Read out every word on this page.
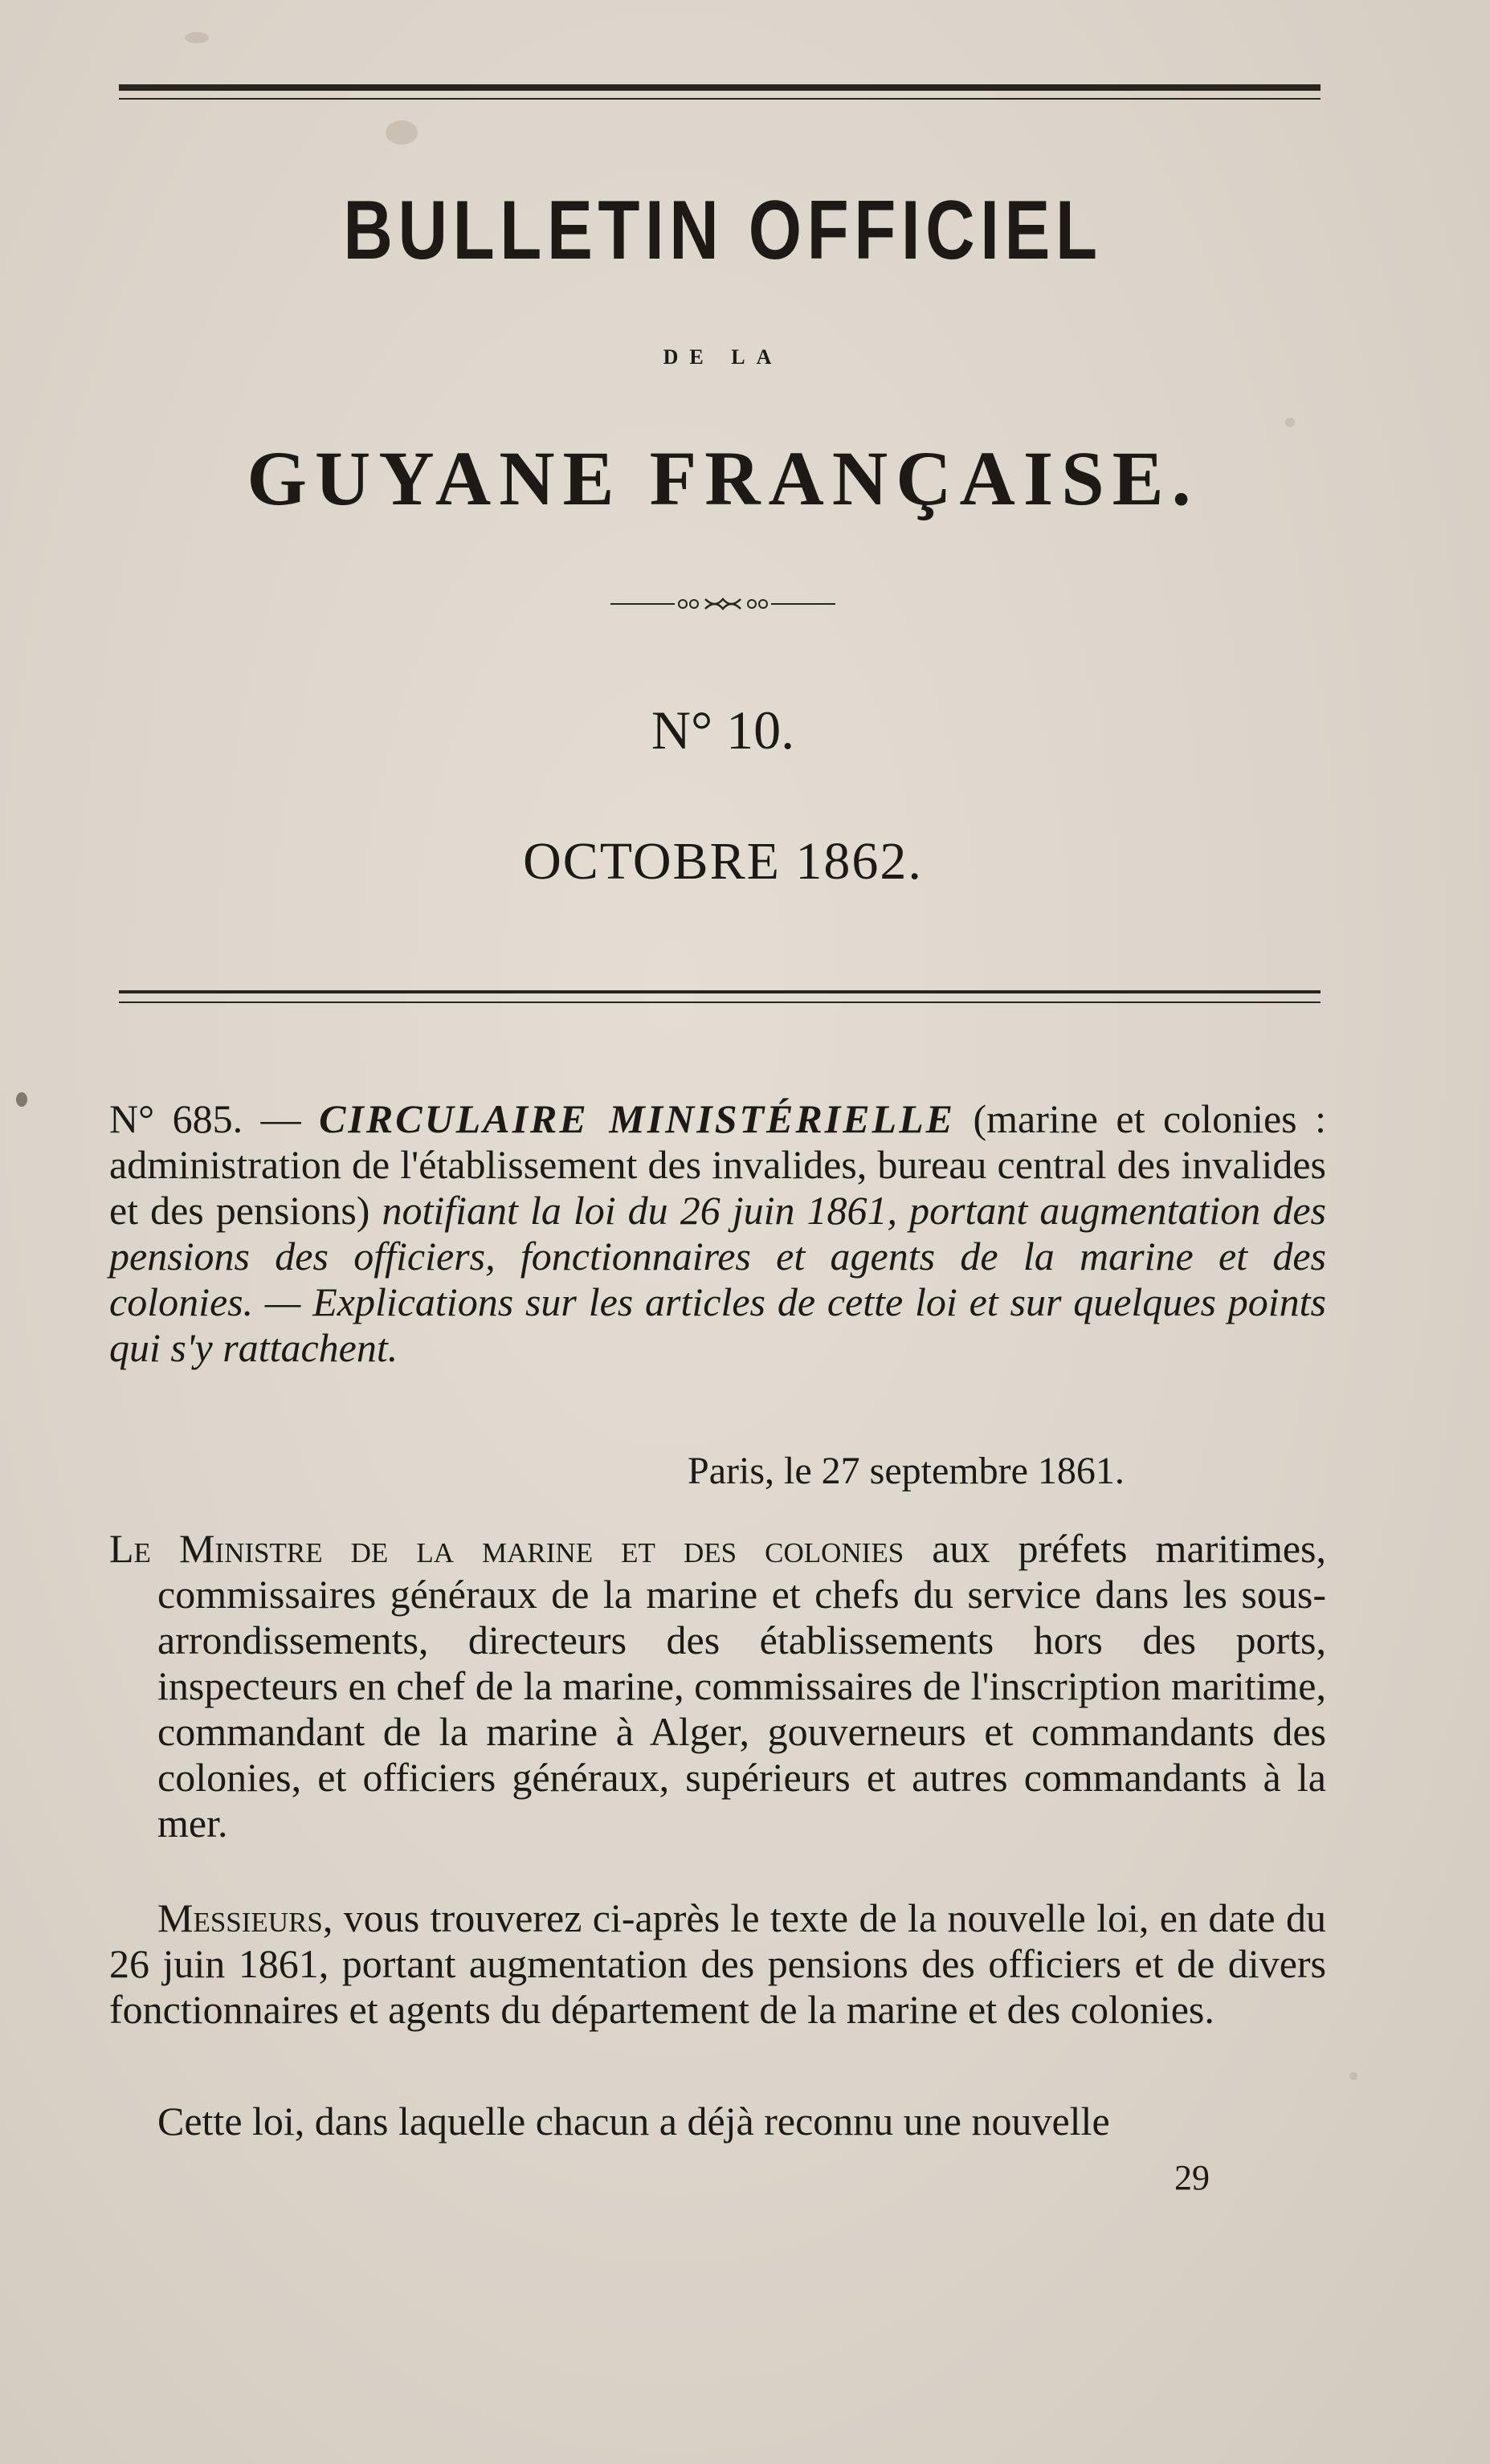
BULLETIN OFFICIEL
DE LA
GUYANE FRANÇAISE.
N° 10.
OCTOBRE 1862.
N° 685. — CIRCULAIRE MINISTÉRIELLE (marine et colonies : administration de l'établissement des invalides, bureau central des invalides et des pensions) notifiant la loi du 26 juin 1861, portant augmentation des pensions des officiers, fonctionnaires et agents de la marine et des colonies. — Explications sur les articles de cette loi et sur quelques points qui s'y rattachent.
Paris, le 27 septembre 1861.
Le Ministre de la marine et des colonies aux préfets maritimes, commissaires généraux de la marine et chefs du service dans les sous-arrondissements, directeurs des établissements hors des ports, inspecteurs en chef de la marine, commissaires de l'inscription maritime, commandant de la marine à Alger, gouverneurs et commandants des colonies, et officiers généraux, supérieurs et autres commandants à la mer.
Messieurs, vous trouverez ci-après le texte de la nouvelle loi, en date du 26 juin 1861, portant augmentation des pensions des officiers et de divers fonctionnaires et agents du département de la marine et des colonies.
Cette loi, dans laquelle chacun a déjà reconnu une nouvelle
29
